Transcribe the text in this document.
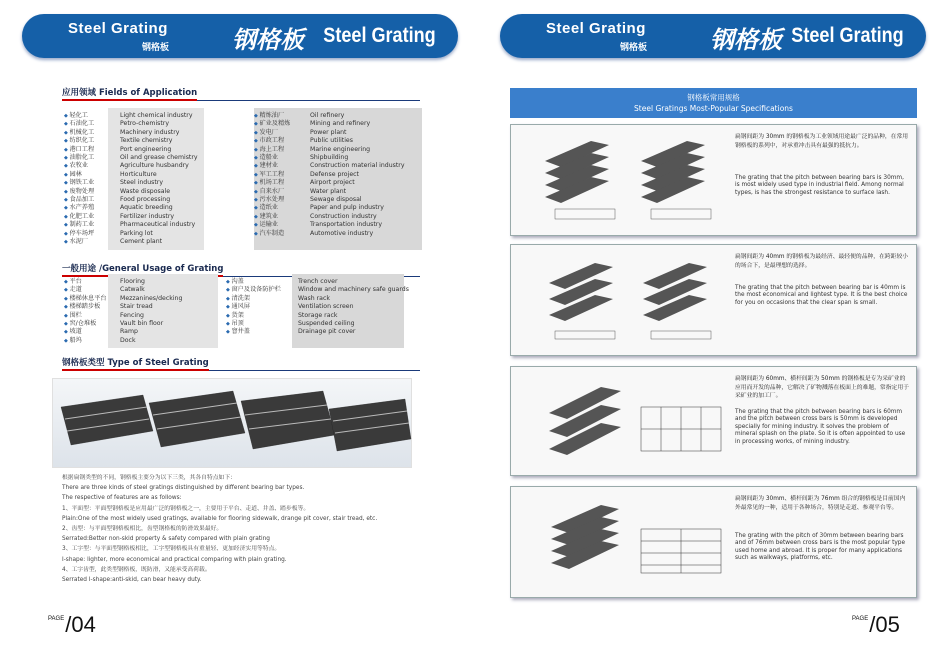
Steel Grating
钢格板	钢格板 Steel Grating	Steel Grating
钢格板	钢格板 Steel Grating
应用领域 Fields of Application
◆ 轻化工	Light chemical industry
◆ 石油化工	Petro-chemistry
◆ 机械化工	Machinery industry
◆ 纺织化工	Textile chemistry
◆ 港口工程	Port engineering
◆ 油脂化工	Oil and grease chemistry
◆ 农牧业	Agriculture husbandry
◆ 园林	Horticulture
◆ 钢铁工业	Steel industry
◆ 废物处理	Waste disposale
◆ 食品加工	Food processing
◆ 水产养殖	Aquatic breeding
◆ 化肥工业	Fertilizer industry
◆ 制药工业	Pharmaceutical industry
◆ 停车场坪	Parking lot
◆ 水泥厂	Cement plant
◆ 精炼油厂	Oil refinery
◆ 矿业及精炼	Mining and refinery
◆ 发电厂	Power plant
◆ 市政工程	Public utilities
◆ 海上工程	Marine engineering
◆ 造船业	Shipbuilding
◆ 建材业	Construction material industry
◆ 军工工程	Defense project
◆ 机场工程	Airport project
◆ 自来水厂	Water plant
◆ 污水处理	Sewage disposal
◆ 造纸业	Paper and pulp industry
◆ 建筑业	Construction industry
◆ 运输业	Transportation industry
◆ 汽车制造	Automotive industry
一般用途 /General Usage of Grating
◆ 平台	Flooring
◆ 走道	Catwalk
◆ 楼梯休息平台	Mezzanines/decking
◆ 楼梯踏步板	Stair tread
◆ 围栏	Fencing
◆ 窖/仓堆板	Vault bin floor
◆ 坡道	Ramp
◆ 船坞	Dock
◆ 沟盖	Trench cover
◆ 窗户及设备防护栏	Window and machinery safe guards
◆ 清洗架	Wash rack
◆ 通风屏	Ventilation screen
◆ 货架	Storage rack
◆ 吊顶	Suspended ceiling
◆ 窨井盖	Drainage pit cover
钢格板类型 Type of Steel Grating
根据扁钢类型的不同，钢格板主要分为以下三类，其各自特点如下：
There are three kinds of steel gratings distinguished by different bearing bar types.
The respective of features are as follows:
1、平面型：平面型钢格板是应用最广泛的钢格板之一，主要用于平台、走道、井盖、踏步板等。
Plain:One of the most widely used gratings, available for flooring sidewalk, drange pit cover, stair tread, etc.
2、齿型：与平面型钢格板相比，齿型钢格板的防滑效果最好。
Serrated:Better non-skid property & safety compared with plain grating
3、工字型：与平面型钢格板相比，工字型钢格板具有重量轻、更加经济实用等特点。
I-shape: lighter, more economical and practical comparing with plain grating.
4、工字齿型，此类型钢格板，既防滑，又能承受高荷载。
Serrated I-shape:anti-skid, can bear heavy duty.
$^{PAGE}$/04
钢格板常用规格
Steel Gratings Most-Popular Specifications
扁钢间距为 30mm 的钢格板为工业领域用途最广泛的品种，在常用钢格板的系列中，对承重冲击具有最强的抵抗力。
The grating that the pitch between bearing bars is 30mm, is most widely used type in industrial field. Among normal types, is has the strongest resistance to surface lash.
扁钢间距为 40mm 的钢格板为最经济、最轻便的品种，在跨距较小的场合下，是最理想的选择。
The grating that the pitch between bearing bar is 40mm is the most economical and lightest type. It is the best choice for you on occasions that the clear span is small.
扁钢间距为 60mm、横杆间距为 50mm 的钢格板是专为采矿业的应用而开发的品种，它解决了矿物溅落在板面上的难题，常指定用于采矿业的加工厂。
The grating that the pitch between bearing bars is 60mm and the pitch between cross bars is 50mm is developed specially for mining industry. It solves the problem of mineral splash on the plate. So it is often appointed to use in processing works, of mining industry.
扁钢间距为 30mm、横杆间距为 76mm 组合的钢格板是目前国内外最常见的一种，适用于各种场合，特别是走道、参观平台等。
The grating with the pitch of 30mm between bearing bars and of 76mm between cross bars is the most popular type used home and abroad. It is proper for many applications such as walkways, platforms, etc.
$^{PAGE}$/05
